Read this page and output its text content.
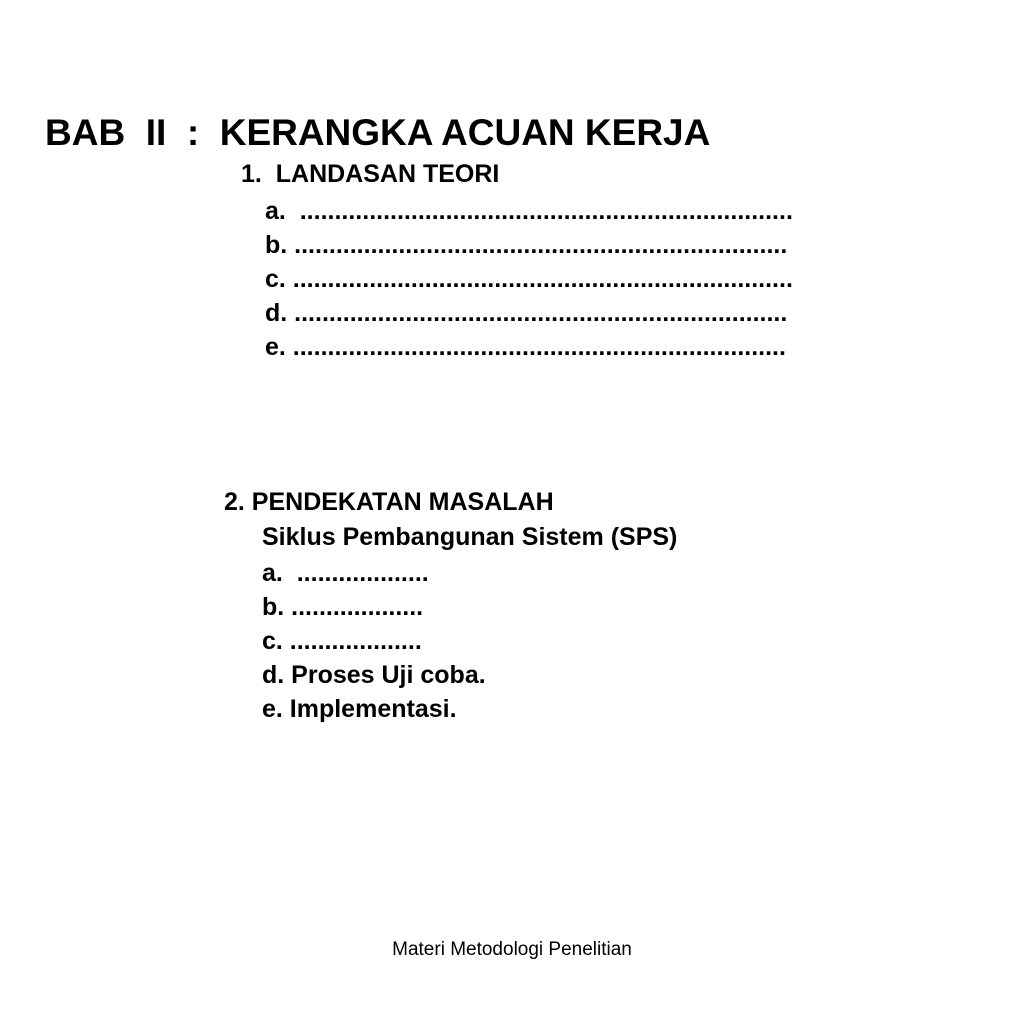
BAB  II  :  KERANGKA ACUAN KERJA
1.  LANDASAN TEORI
a.  .......................................................................
b. .......................................................................
c. ........................................................................
d. .......................................................................
e. .......................................................................
2. PENDEKATAN MASALAH
Siklus Pembangunan Sistem (SPS)
a.  ...................
b. ...................
c. ...................
d. Proses Uji coba.
e. Implementasi.
Materi Metodologi Penelitian
